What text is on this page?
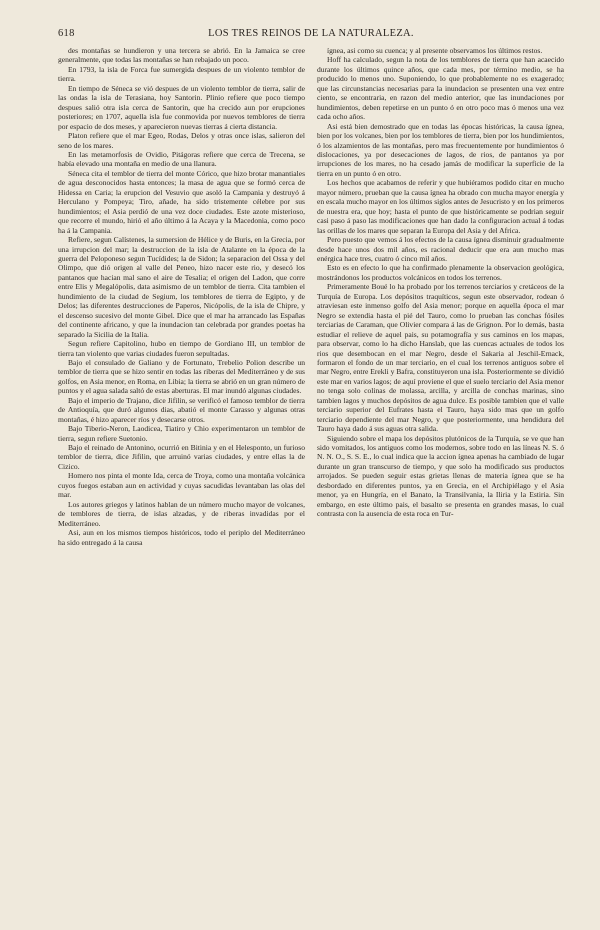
618	LOS TRES REINOS DE LA NATURALEZA.

des montañas se hundieron y una tercera se abrió. En la Jamaica se cree generalmente, que todas las montañas se han rebajado un poco.

En 1793, la isla de Forca fue sumergida despues de un violento temblor de tierra.

En tiempo de Séneca se vió despues de un violento temblor de tierra, salir de las ondas la isla de Terasiana, hoy Santorin. Plinio refiere que poco tiempo despues salió otra isla cerca de Santorin, que ha crecido aun por erupciones posteriores; en 1707, aquella isla fue conmovida por nuevos temblores de tierra por espacio de dos meses, y aparecieron nuevas tierras á cierta distancia.

Platon refiere que el mar Egeo, Rodas, Delos y otras once islas, salieron del seno de los mares.

En las metamorfosis de Ovidio, Pitágoras refiere que cerca de Trecena, se había elevado una montaña en medio de una llanura.

Séneca cita el temblor de tierra del monte Córico, que hizo brotar manantiales de agua desconocidos hasta entonces; la masa de agua que se formó cerca de Hidessa en Caria; la erupcion del Vesuvio que asoló la Campania y destruyó á Herculano y Pompeya; Tiro, añade, ha sido tristemente célebre por sus hundimientos; el Asia perdió de una vez doce ciudades. Este azote misterioso, que recorre el mundo, hirió el año último á la Acaya y la Macedonia, como poco ha á la Campania.

Refiere, segun Calístenes, la sumersion de Hélice y de Buris, en la Grecia, por una irrupcion del mar; la destruccion de la isla de Atalante en la época de la guerra del Peloponeso segun Tucídides; la de Sidon; la separacion del Ossa y del Olimpo, que dió origen al valle del Peneo, hizo nacer este rio, y desecó los pantanos que hacian mal sano el aire de Tesalia; el origen del Ladon, que corre entre Elis y Megalópolis, data asimismo de un temblor de tierra. Cita tambien el hundimiento de la ciudad de Segium, los temblores de tierra de Egipto, y de Delos; las diferentes destrucciones de Paperos, Nicópolis, de la isla de Chipre, y el descenso sucesivo del monte Gibel. Dice que el mar ha arrancado las Españas del continente africano, y que la inundacion tan celebrada por grandes poetas ha separado la Sicilia de la Italia.

Segun refiere Capitolino, hubo en tiempo de Gordiano III, un temblor de tierra tan violento que varias ciudades fueron sepultadas.

Bajo el consulado de Galiano y de Fortunato, Trebelio Polion describe un temblor de tierra que se hizo sentir en todas las riberas del Mediterráneo y de sus golfos, en Asia menor, en Roma, en Libia; la tierra se abrió en un gran número de puntos y el agua salada saltó de estas aberturas. El mar inundó algunas ciudades.

Bajo el imperio de Trajano, dice Jifilin, se verificó el famoso temblor de tierra de Antioquía, que duró algunos dias, abatió el monte Carasso y algunas otras montañas, é hizo aparecer ríos y desecarse otros.

Bajo Tiberio-Neron, Laodicea, Tiatiro y Chio experimentaron un temblor de tierra, segun refiere Suetonio.

Bajo el reinado de Antonino, ocurrió en Bitinia y en el Helesponto, un furioso temblor de tierra, dice Jifilin, que arruinó varias ciudades, y entre ellas la de Cizico.

Homero nos pinta el monte Ida, cerca de Troya, como una montaña volcánica cuyos fuegos estaban aun en actividad y cuyas sacudidas levantaban las olas del mar.

Los autores griegos y latinos hablan de un número mucho mayor de volcanes, de temblores de tierra, de islas alzadas, y de riberas invadidas por el Mediterráneo.

Asi, aun en los mismos tiempos históricos, todo el periplo del Mediterráneo ha sido entregado á la causa

ígnea, asi como su cuenca; y al presente observamos los últimos restos.

Hoff ha calculado, segun la nota de los temblores de tierra que han acaecido durante los últimos quince años, que cada mes, por término medio, se ha producido lo menos uno. Suponiendo, lo que probablemente no es exagerado; que las circunstancias necesarias para la inundacion se presenten una vez entre ciento, se encontraria, en razon del medio anterior, que las inundaciones por hundimientos, deben repetirse en un punto ó en otro poco mas ó menos una vez cada ocho años.

Asi está bien demostrado que en todas las épocas históricas, la causa ígnea, bien por los volcanes, bien por los temblores de tierra, bien por los hundimientos, ó los alzamientos de las montañas, pero mas frecuentemente por hundimientos ó dislocaciones, ya por desecaciones de lagos, de rios, de pantanos ya por irrupciones de los mares, no ha cesado jamás de modificar la superficie de la tierra en un punto ó en otro.

Los hechos que acabamos de referir y que hubiéramos podido citar en mucho mayor número, prueban que la causa ígnea ha obrado con mucha mayor energía y en escala mucho mayor en los últimos siglos antes de Jesucristo y en los primeros de nuestra era, que hoy; hasta el punto de que históricamente se podrian seguir casi paso á paso las modificaciones que han dado la configuracion actual á todas las orillas de los mares que separan la Europa del Asia y del Africa.

Pero puesto que vemos á los efectos de la causa ígnea disminuir gradualmente desde hace unos dos mil años, es racional deducir que era aun mucho mas enérgica hace tres, cuatro ó cinco mil años.

Esto es en efecto lo que ha confirmado plenamente la observacion geológica, mostrándonos los productos volcánicos en todos los terrenos.

Primeramente Boué lo ha probado por los terrenos terciarios y cretáceos de la Turquía de Europa. Los depósitos traquíticos, segun este observador, rodean ó atraviesan este inmenso golfo del Asia menor; porque en aquella época el mar Negro se extendia hasta el pié del Tauro, como lo prueban las conchas fósiles terciarias de Caraman, que Olivier compara á las de Grignon. Por lo demás, basta estudiar el relieve de aquel pais, su potamografía y sus caminos en los mapas, para observar, como lo ha dicho Hanslab, que las cuencas actuales de todos los rios que desembocan en el mar Negro, desde el Sakaria al Jeschil-Ernack, formaron el fondo de un mar terciario, en el cual los terrenos antiguos sobre el mar Negro, entre Erekli y Bafra, constituyeron una isla. Posteriormente se dividió este mar en varios lagos; de aquí proviene el que el suelo terciario del Asia menor no tenga solo colinas de molassa, arcilla, y arcilla de conchas marinas, sino tambien lagos y muchos depósitos de agua dulce. Es posible tambien que el valle terciario superior del Eufrates hasta el Tauro, haya sido mas que un golfo terciario dependiente del mar Negro, y que posteriormente, una hendidura del Tauro haya dado á sus aguas otra salida.

Siguiendo sobre el mapa los depósitos plutónicos de la Turquía, se ve que han sido vomitados, los antiguos como los modernos, sobre todo en las líneas N. S. ó N. N. O., S. S. E., lo cual indica que la accion ígnea apenas ha cambiado de lugar durante un gran transcurso de tiempo, y que solo ha modificado sus productos arrojados. Se pueden seguir estas grietas llenas de materia ígnea que se ha desbordado en diferentes puntos, ya en Grecia, en el Archipiélago y el Asia menor, ya en Hungría, en el Banato, la Transilvania, la Iliria y la Estiria. Sin embargo, en este último pais, el basalto se presenta en grandes masas, lo cual contrasta con la ausencia de esta roca en Tur-
